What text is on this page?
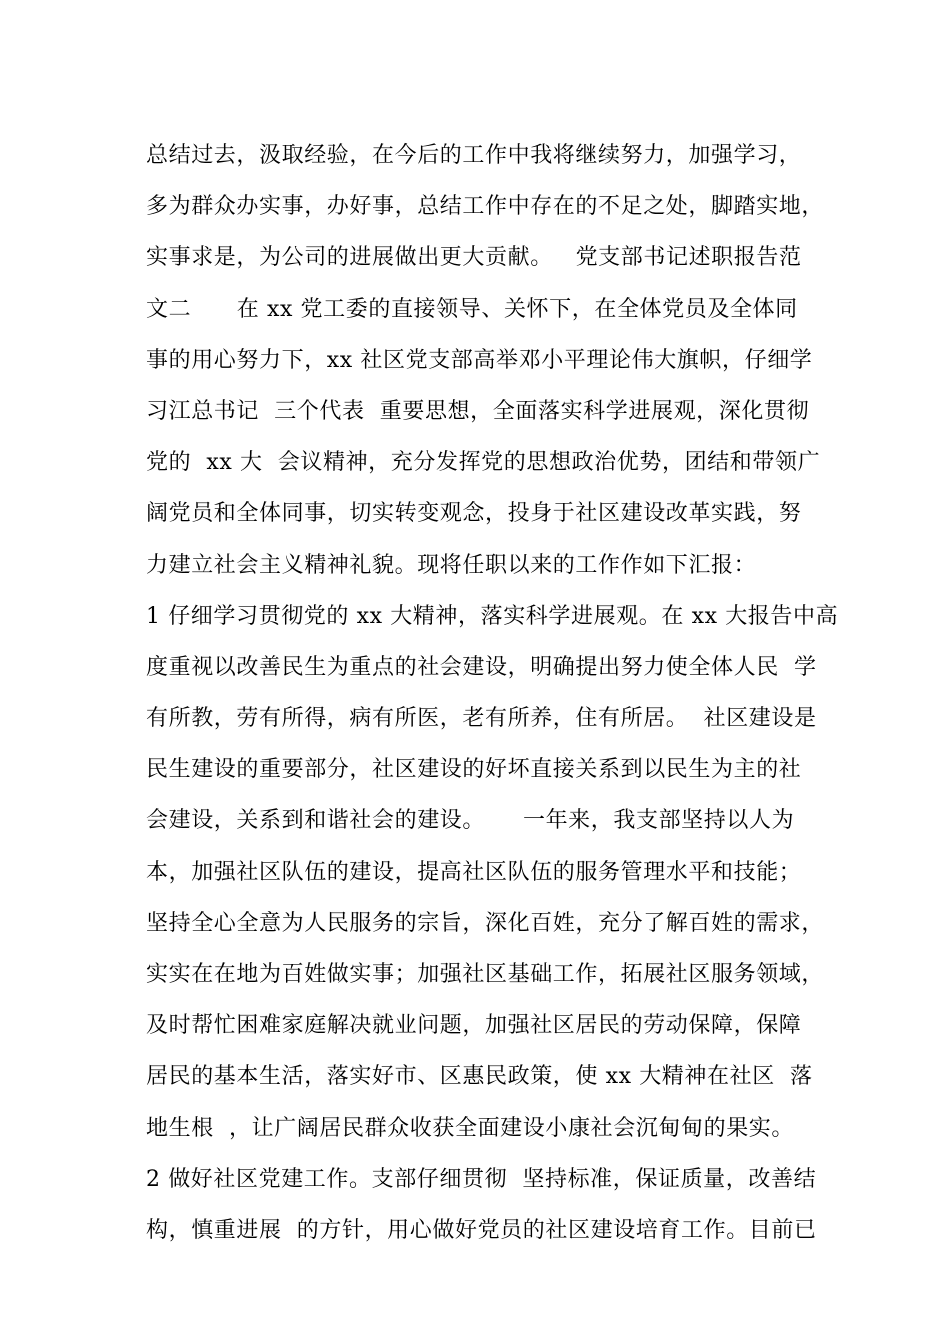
总结过去，汲取经验，在今后的工作中我将继续努力，加强学习，
多为群众办实事，办好事，总结工作中存在的不足之处，脚踏实地，
实事求是，为公司的进展做出更大贡献。   党支部书记述职报告范
文二      在 xx 党工委的直接领导、关怀下，在全体党员及全体同
事的用心努力下，xx 社区党支部高举邓小平理论伟大旗帜，仔细学
习江总书记  三个代表  重要思想，全面落实科学进展观，深化贯彻
党的  xx 大  会议精神，充分发挥党的思想政治优势，团结和带领广
阔党员和全体同事，切实转变观念，投身于社区建设改革实践，努
力建立社会主义精神礼貌。现将任职以来的工作作如下汇报：
1 仔细学习贯彻党的 xx 大精神，落实科学进展观。在 xx 大报告中高
度重视以改善民生为重点的社会建设，明确提出努力使全体人民  学
有所教，劳有所得，病有所医，老有所养，住有所居。  社区建设是
民生建设的重要部分，社区建设的好坏直接关系到以民生为主的社
会建设，关系到和谐社会的建设。     一年来，我支部坚持以人为
本，加强社区队伍的建设，提高社区队伍的服务管理水平和技能；
坚持全心全意为人民服务的宗旨，深化百姓，充分了解百姓的需求，
实实在在地为百姓做实事；加强社区基础工作，拓展社区服务领域，
及时帮忙困难家庭解决就业问题，加强社区居民的劳动保障，保障
居民的基本生活，落实好市、区惠民政策，使 xx 大精神在社区  落
地生根  ，让广阔居民群众收获全面建设小康社会沉甸甸的果实。
2 做好社区党建工作。支部仔细贯彻  坚持标准，保证质量，改善结
构，慎重进展  的方针，用心做好党员的社区建设培育工作。目前已
